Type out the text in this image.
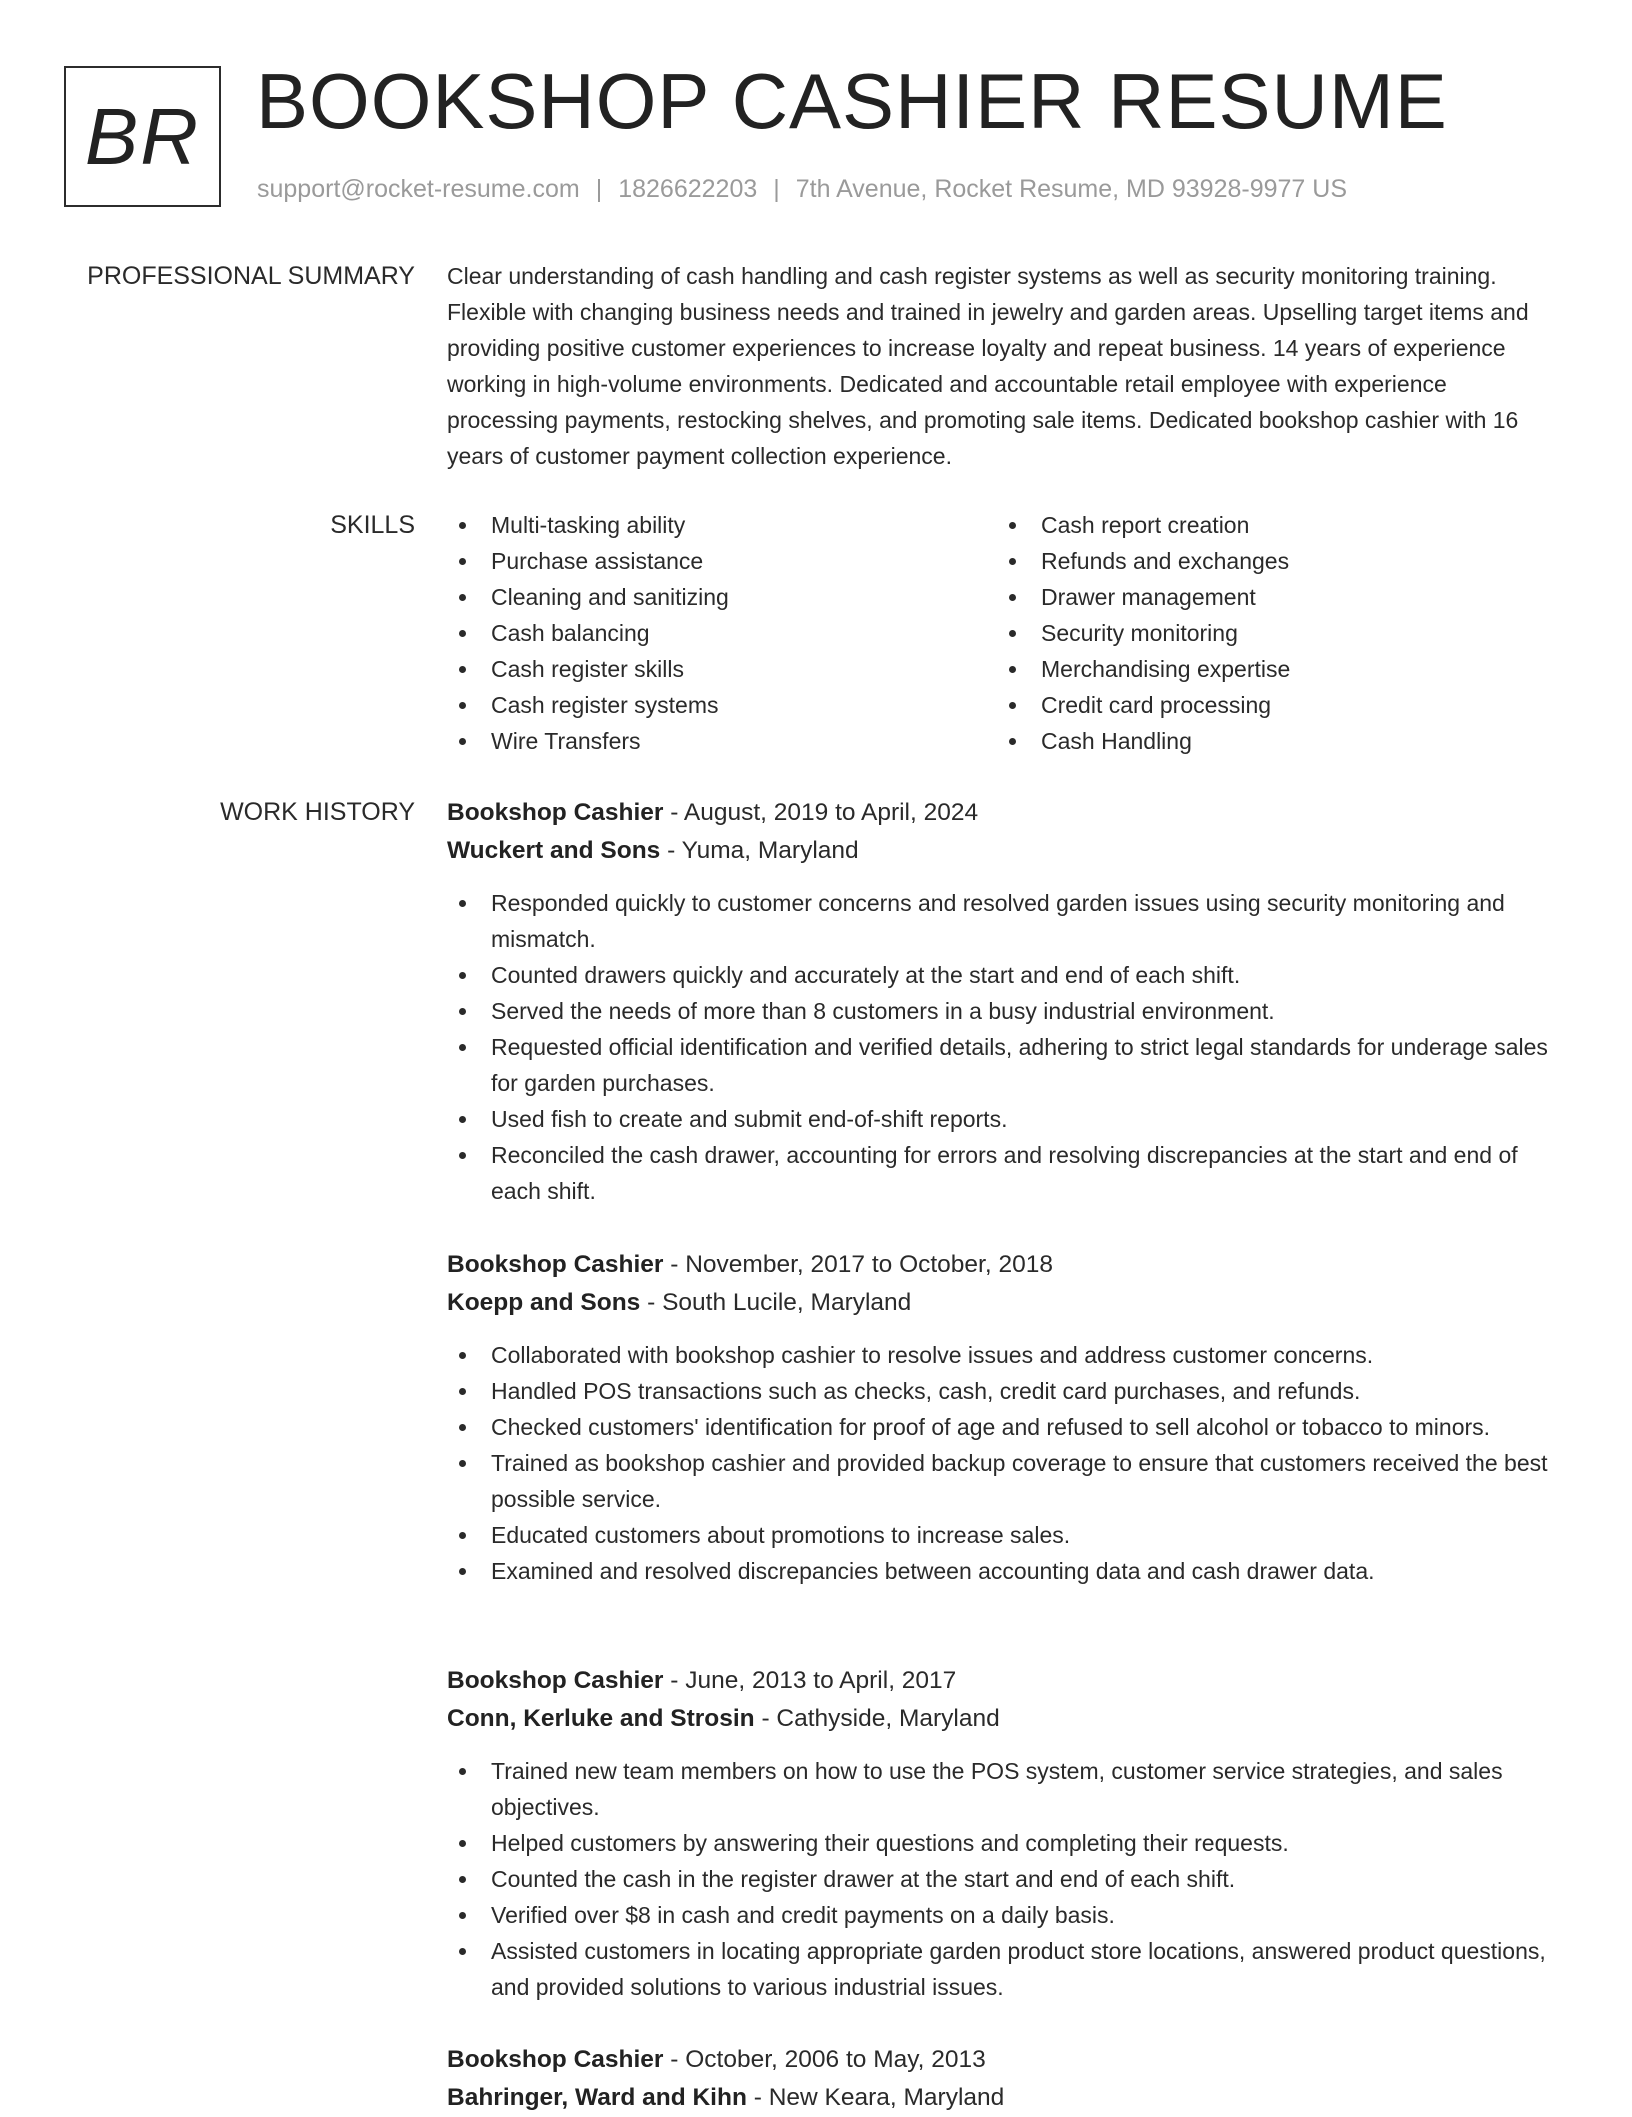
BR BOOKSHOP CASHIER RESUME
support@rocket-resume.com | 1826622203 | 7th Avenue, Rocket Resume, MD 93928-9977 US
PROFESSIONAL SUMMARY Clear understanding of cash handling and cash register systems as well as security monitoring training. Flexible with changing business needs and trained in jewelry and garden areas. Upselling target items and providing positive customer experiences to increase loyalty and repeat business. 14 years of experience working in high-volume environments. Dedicated and accountable retail employee with experience processing payments, restocking shelves, and promoting sale items. Dedicated bookshop cashier with 16 years of customer payment collection experience.

SKILLS	Multi-tasking ability
Purchase assistance
Cleaning and sanitizing
Cash balancing
Cash register skills
Cash register systems
Wire Transfers
Cash report creation
Refunds and exchanges
Drawer management
Security monitoring
Merchandising expertise
Credit card processing
Cash Handling
WORK HISTORY Bookshop Cashier - August, 2019 to April, 2024
Wuckert and Sons - Yuma, Maryland
Responded quickly to customer concerns and resolved garden issues using security monitoring and mismatch.
Counted drawers quickly and accurately at the start and end of each shift.
Served the needs of more than 8 customers in a busy industrial environment.
Requested official identification and verified details, adhering to strict legal standards for underage sales for garden purchases.
Used fish to create and submit end-of-shift reports.
Reconciled the cash drawer, accounting for errors and resolving discrepancies at the start and end of each shift.
Bookshop Cashier - November, 2017 to October, 2018
Koepp and Sons - South Lucile, Maryland
Collaborated with bookshop cashier to resolve issues and address customer concerns.
Handled POS transactions such as checks, cash, credit card purchases, and refunds.
Checked customers' identification for proof of age and refused to sell alcohol or tobacco to minors.
Trained as bookshop cashier and provided backup coverage to ensure that customers received the best possible service.
Educated customers about promotions to increase sales.
Examined and resolved discrepancies between accounting data and cash drawer data.
Bookshop Cashier - June, 2013 to April, 2017
Conn, Kerluke and Strosin - Cathyside, Maryland
Trained new team members on how to use the POS system, customer service strategies, and sales objectives.
Helped customers by answering their questions and completing their requests.
Counted the cash in the register drawer at the start and end of each shift.
Verified over $8 in cash and credit payments on a daily basis.
Assisted customers in locating appropriate garden product store locations, answered product questions, and provided solutions to various industrial issues.
Bookshop Cashier - October, 2006 to May, 2013
Bahringer, Ward and Kihn - New Keara, Maryland
